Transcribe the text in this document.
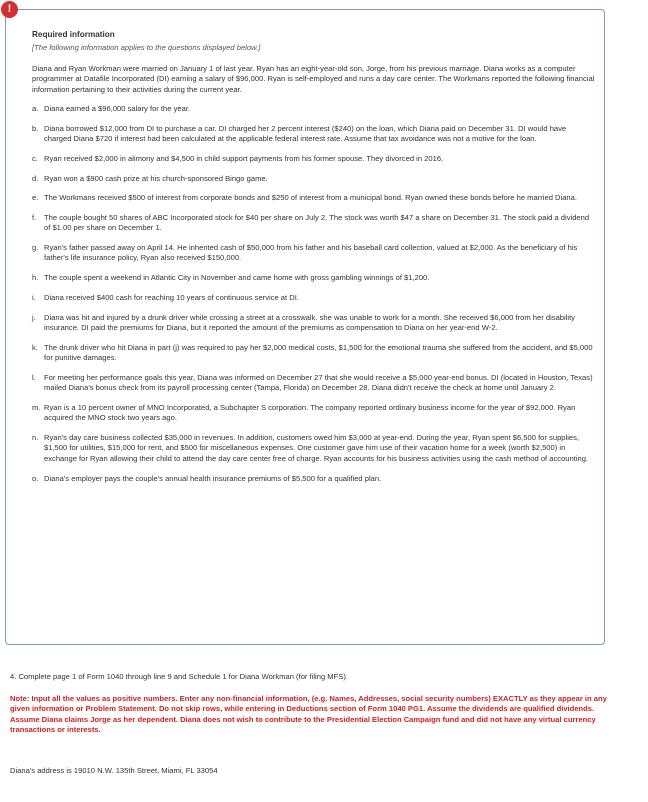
!
Required information
[The following information applies to the questions displayed below.]
Diana and Ryan Workman were married on January 1 of last year. Ryan has an eight-year-old son, Jorge, from his previous marriage. Diana works as a computer programmer at Datafile Incorporated (DI) earning a salary of $96,000. Ryan is self-employed and runs a day care center. The Workmans reported the following financial information pertaining to their activities during the current year.
a. Diana earned a $96,000 salary for the year.
b. Diana borrowed $12,000 from DI to purchase a car. DI charged her 2 percent interest ($240) on the loan, which Diana paid on December 31. DI would have charged Diana $720 if interest had been calculated at the applicable federal interest rate. Assume that tax avoidance was not a motive for the loan.
c. Ryan received $2,000 in alimony and $4,500 in child support payments from his former spouse. They divorced in 2016.
d. Ryan won a $900 cash prize at his church-sponsored Bingo game.
e. The Workmans received $500 of interest from corporate bonds and $250 of interest from a municipal bond. Ryan owned these bonds before he married Diana.
f.	The couple bought 50 shares of ABC Incorporated stock for $40 per share on July 2. The stock was worth $47 a share on December 31. The stock paid a dividend of $1.00 per share on December 1.
g. Ryan's father passed away on April 14. He inherited cash of $50,000 from his father and his baseball card collection, valued at $2,000. As the beneficiary of his father's life insurance policy, Ryan also received $150,000.
h. The couple spent a weekend in Atlantic City in November and came home with gross gambling winnings of $1,200.
i.	Diana received $400 cash for reaching 10 years of continuous service at DI.
j.	Diana was hit and injured by a drunk driver while crossing a street at a crosswalk. she was unable to work for a month. She received $6,000 from her disability insurance. DI paid the premiums for Diana, but it reported the amount of the premiums as compensation to Diana on her year-end W-2.
k. The drunk driver who hit Diana in part (j) was required to pay her $2,000 medical costs, $1,500 for the emotional trauma she suffered from the accident, and $5,000 for punitive damages.
l.	For meeting her performance goals this year, Diana was informed on December 27 that she would receive a $5,000 year-end bonus. DI (located in Houston, Texas) mailed Diana's bonus check from its payroll processing center (Tampa, Florida) on December 28. Diana didn't receive the check at home until January 2.
m. Ryan is a 10 percent owner of MNO Incorporated, a Subchapter S corporation. The company reported ordinary business income for the year of $92,000. Ryan acquired the MNO stock two years ago.
n. Ryan's day care business collected $35,000 in revenues. In addition, customers owed him $3,000 at year-end. During the year, Ryan spent $6,500 for supplies, $1,500 for utilities, $15,000 for rent, and $500 for miscellaneous expenses. One customer gave him use of their vacation home for a week (worth $2,500) in exchange for Ryan allowing their child to attend the day care center free of charge. Ryan accounts for his business activities using the cash method of accounting.
o. Diana's employer pays the couple's annual health insurance premiums of $5,500 for a qualified plan.
4. Complete page 1 of Form 1040 through line 9 and Schedule 1 for Diana Workman (for filing MFS).
Note: Input all the values as positive numbers. Enter any non-financial information, (e.g. Names, Addresses, social security numbers) EXACTLY as they appear in any given information or Problem Statement. Do not skip rows, while entering in Deductions section of Form 1040 PG1. Assume the dividends are qualified dividends. Assume Diana claims Jorge as her dependent. Diana does not wish to contribute to the Presidential Election Campaign fund and did not have any virtual currency transactions or interests.
Diana's address is 19010 N.W. 135th Street, Miami, FL 33054
